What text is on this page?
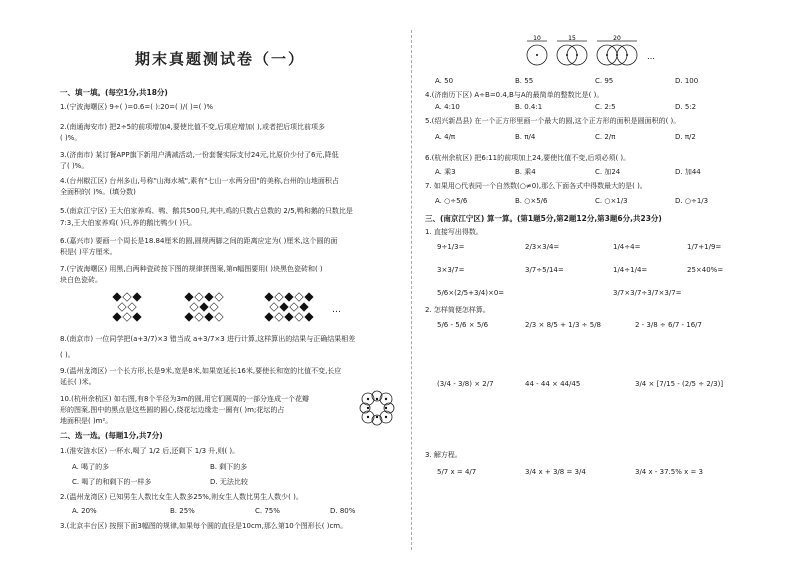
期末真题测试卷（一）
一、填一填。(每空1分,共18分)
1.(宁波海曙区) 9÷( )=0.6=( ):20=( )/( )=( )%
2.(南通海安市) 把2÷5的前项增加4,要使比值不变,后项应增加( ),或者把后项比前项多
( )%。
3.(济南市) 某订餐APP旗下新用户满减活动,一份套餐实际支付24元,比原价少付了6元,降低
了( )%。
4.(台州椒江区) 台州多山,号称"山海水城",素有"七山一水两分田"的美称,台州的山地面积占
全面积的( )%。(填分数)
5.(南京江宁区) 王大伯家养鸡、鸭、鹅共500只,其中,鸡的只数占总数的 2/5,鸭和鹅的只数比是
7:3,王大伯家养鸡( )只,养的鹅比鸭少( )只。
6.(嘉兴市) 要画一个周长是18.84厘米的圆,圆规两脚之间的距离应定为( )厘米,这个圆的面
积是( )平方厘米。
7.(宁波海曙区) 用黑,白两种瓷砖按下图的规律拼图案,第n幅图要用( )块黑色瓷砖和( )
块白色瓷砖。
…
8.(南京市) 一位同学把(a+3/7)×3 错当成 a+3/7×3 进行计算,这样算出的结果与正确结果相差
( )。
9.(温州龙湾区) 一个长方形,长是9米,宽是8米,如果宽延长16米,要使长和宽的比值不变,长应
延长( )米。
10.(杭州余杭区) 如右图,有8个半径为3m的圆,用它们圆周的一部分连成一个花瓣
形的图案,图中的黑点是这些圆的圆心,绕花坛边缘走一圈有( )m;花坛的占
地面积是( )m²。
二、选一选。(每题1分,共7分)
1.(淮安涟水区) 一杯水,喝了 1/2 后,还剩下 1/3 升,则( )。
A. 喝了的多	B. 剩下的多
C. 喝了的和剩下的一样多	D. 无法比较
2.(温州龙湾区) 已知男生人数比女生人数多25%,则女生人数比男生人数少( )。
A. 20%	B. 25%	C. 75%	D. 80%
3.(北京丰台区) 按照下面3幅图的规律,如果每个圆的直径是10cm,那么第10个图形长( )cm。
10	15	20
…
A. 50	B. 55	C. 95	D. 100
4.(济南历下区) A÷B=0.4,B与A的最简单的整数比是( )。
A. 4:10	B. 0.4:1	C. 2:5	D. 5:2
5.(绍兴新昌县) 在一个正方形里画一个最大的圆,这个正方形的面积是圆面积的( )。
A. 4/π	B. π/4	C. 2/π	D. π/2
6.(杭州余杭区) 把6:11的前项加上24,要使比值不变,后项必须( )。
A. 乘3	B. 乘4	C. 加24	D. 加44
7. 如果用○代表同一个自然数(○≠0),那么下面各式中得数最大的是( )。
A. ○÷5/6	B. ○×5/6	C. ○×1/3	D. ○÷1/3
三、(南京江宁区) 算一算。(第1题5分,第2题12分,第3题6分,共23分)
1. 直接写出得数。
9÷1/3=	2/3×3/4=	1/4÷4=	1/7+1/9=
3×3/7=	3/7÷5/14=	1/4÷1/4=	25×40%=
5/6×(2/5+3/4)×0=	3/7×3/7÷3/7×3/7=
2. 怎样简便怎样算。
5/6 - 5/6 × 5/6	2/3 × 8/5 + 1/3 ÷ 5/8	2 - 3/8 ÷ 6/7 - 16/7
(3/4 - 3/8) × 2/7	44 - 44 × 44/45	3/4 × [7/15 - (2/5 ÷ 2/3)]
3. 解方程。
5/7 x = 4/7	3/4 x + 3/8 = 3/4	3/4 x - 37.5% x = 3
